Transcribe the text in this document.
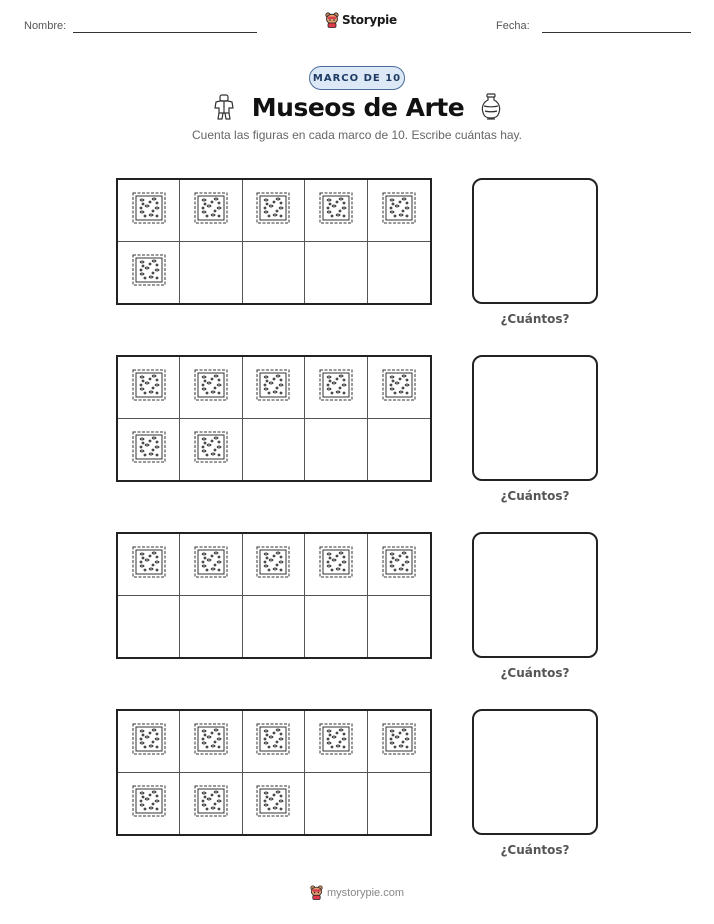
Nombre:	Storypie	Fecha:
MARCO DE 10
Museos de Arte
Cuenta las figuras en cada marco de 10. Escribe cuántas hay.
¿Cuántos?
¿Cuántos?
¿Cuántos?
¿Cuántos?
mystorypie.com
